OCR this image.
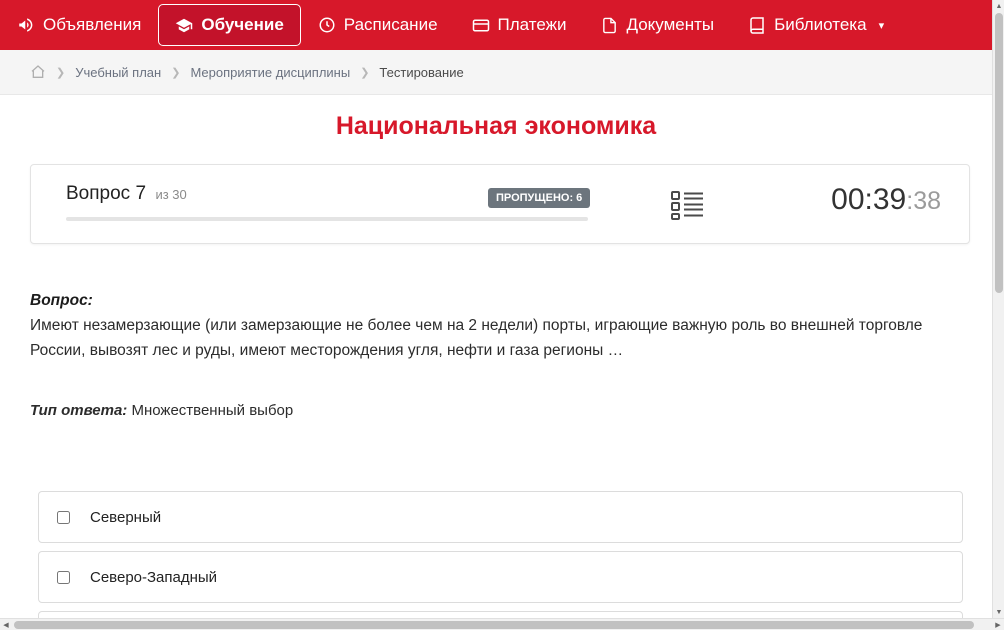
Объявления	Обучение	Расписание	Платежи	Документы	Библиотека ▾
❯ Учебный план ❯ Мероприятие дисциплины ❯ Тестирование
Национальная экономика
Вопрос 7 из 30	ПРОПУЩЕНО: 6	00:39:38
Вопрос:
Имеют незамерзающие (или замерзающие не более чем на 2 недели) порты, играющие важную роль во внешней торговле России, вывозят лес и руды, имеют месторождения угля, нефти и газа регионы …
Тип ответа: Множественный выбор
Северный
Северо-Западный
▲
▼
◀	▶
